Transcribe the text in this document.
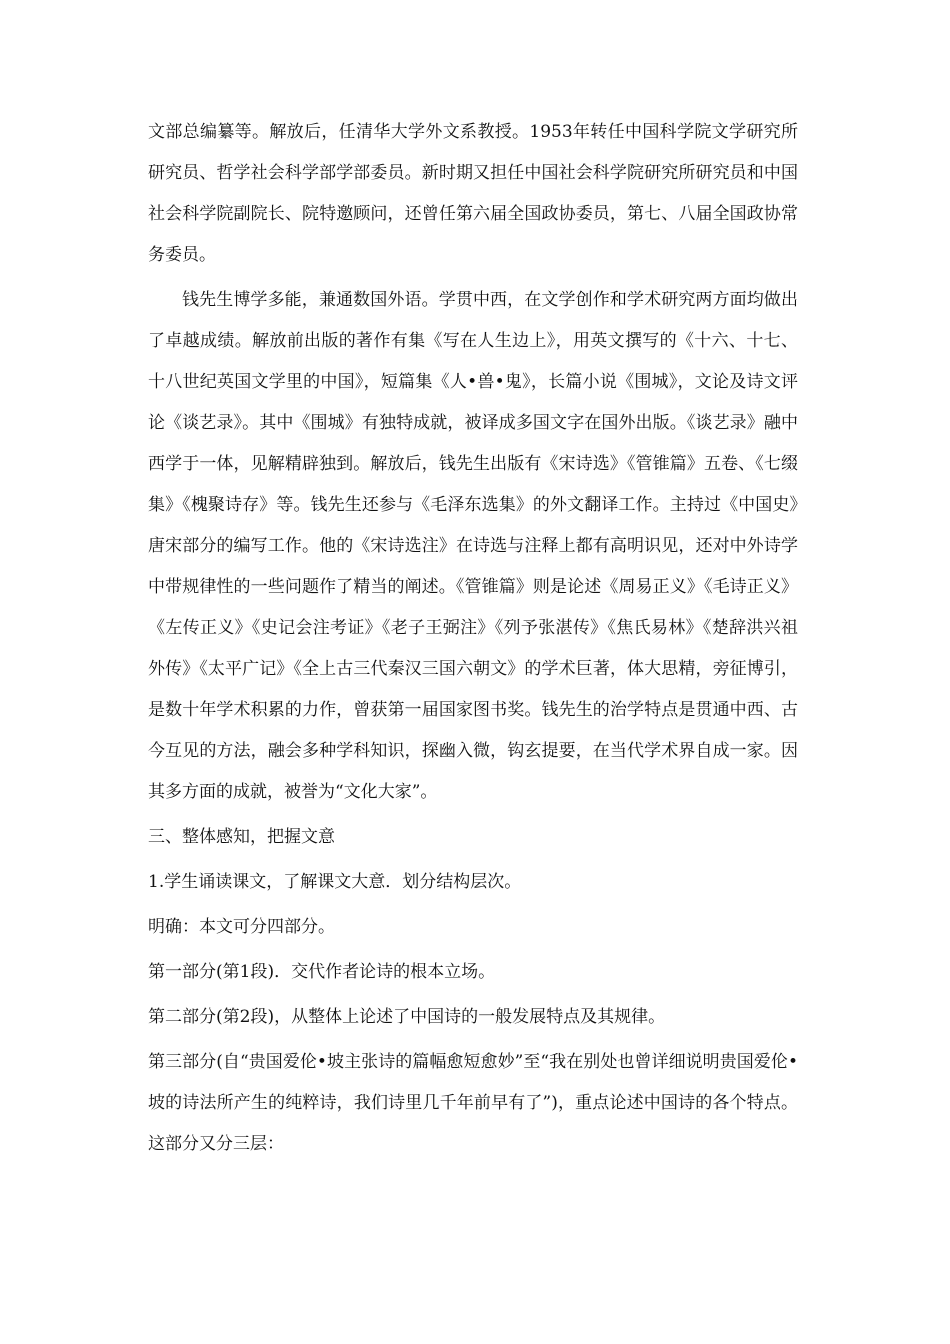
文部总编纂等。解放后，任清华大学外文系教授。1953年转任中国科学院文学研究所研究员、哲学社会科学部学部委员。新时期又担任中国社会科学院研究所研究员和中国社会科学院副院长、院特邀顾问，还曾任第六届全国政协委员，第七、八届全国政协常务委员。

钱先生博学多能，兼通数国外语。学贯中西，在文学创作和学术研究两方面均做出了卓越成绩。解放前出版的著作有集《写在人生边上》，用英文撰写的《十六、十七、十八世纪英国文学里的中国》，短篇集《人•兽•鬼》，长篇小说《围城》，文论及诗文评论《谈艺录》。其中《围城》有独特成就，被译成多国文字在国外出版。《谈艺录》融中西学于一体，见解精辟独到。解放后，钱先生出版有《宋诗选》《管锥篇》五卷、《七缀集》《槐聚诗存》等。钱先生还参与《毛泽东选集》的外文翻译工作。主持过《中国史》唐宋部分的编写工作。他的《宋诗选注》在诗选与注释上都有高明识见，还对中外诗学中带规律性的一些问题作了精当的阐述。《管锥篇》则是论述《周易正义》《毛诗正义》《左传正义》《史记会注考证》《老子王弼注》《列予张湛传》《焦氏易林》《楚辞洪兴祖外传》《太平广记》《全上古三代秦汉三国六朝文》的学术巨著，体大思精，旁征博引，是数十年学术积累的力作，曾获第一届国家图书奖。钱先生的治学特点是贯通中西、古今互见的方法，融会多种学科知识，探幽入微，钩玄提要，在当代学术界自成一家。因其多方面的成就，被誉为“文化大家”。

三、整体感知，把握文意

1.学生诵读课文，了解课文大意．划分结构层次。

明确：本文可分四部分。

第一部分(第1段)．交代作者论诗的根本立场。

第二部分(第2段)，从整体上论述了中国诗的一般发展特点及其规律。

第三部分(自“贵国爱伦•坡主张诗的篇幅愈短愈妙”至“我在别处也曾详细说明贵国爱伦•坡的诗法所产生的纯粹诗，我们诗里几千年前早有了”)，重点论述中国诗的各个特点。这部分又分三层：
